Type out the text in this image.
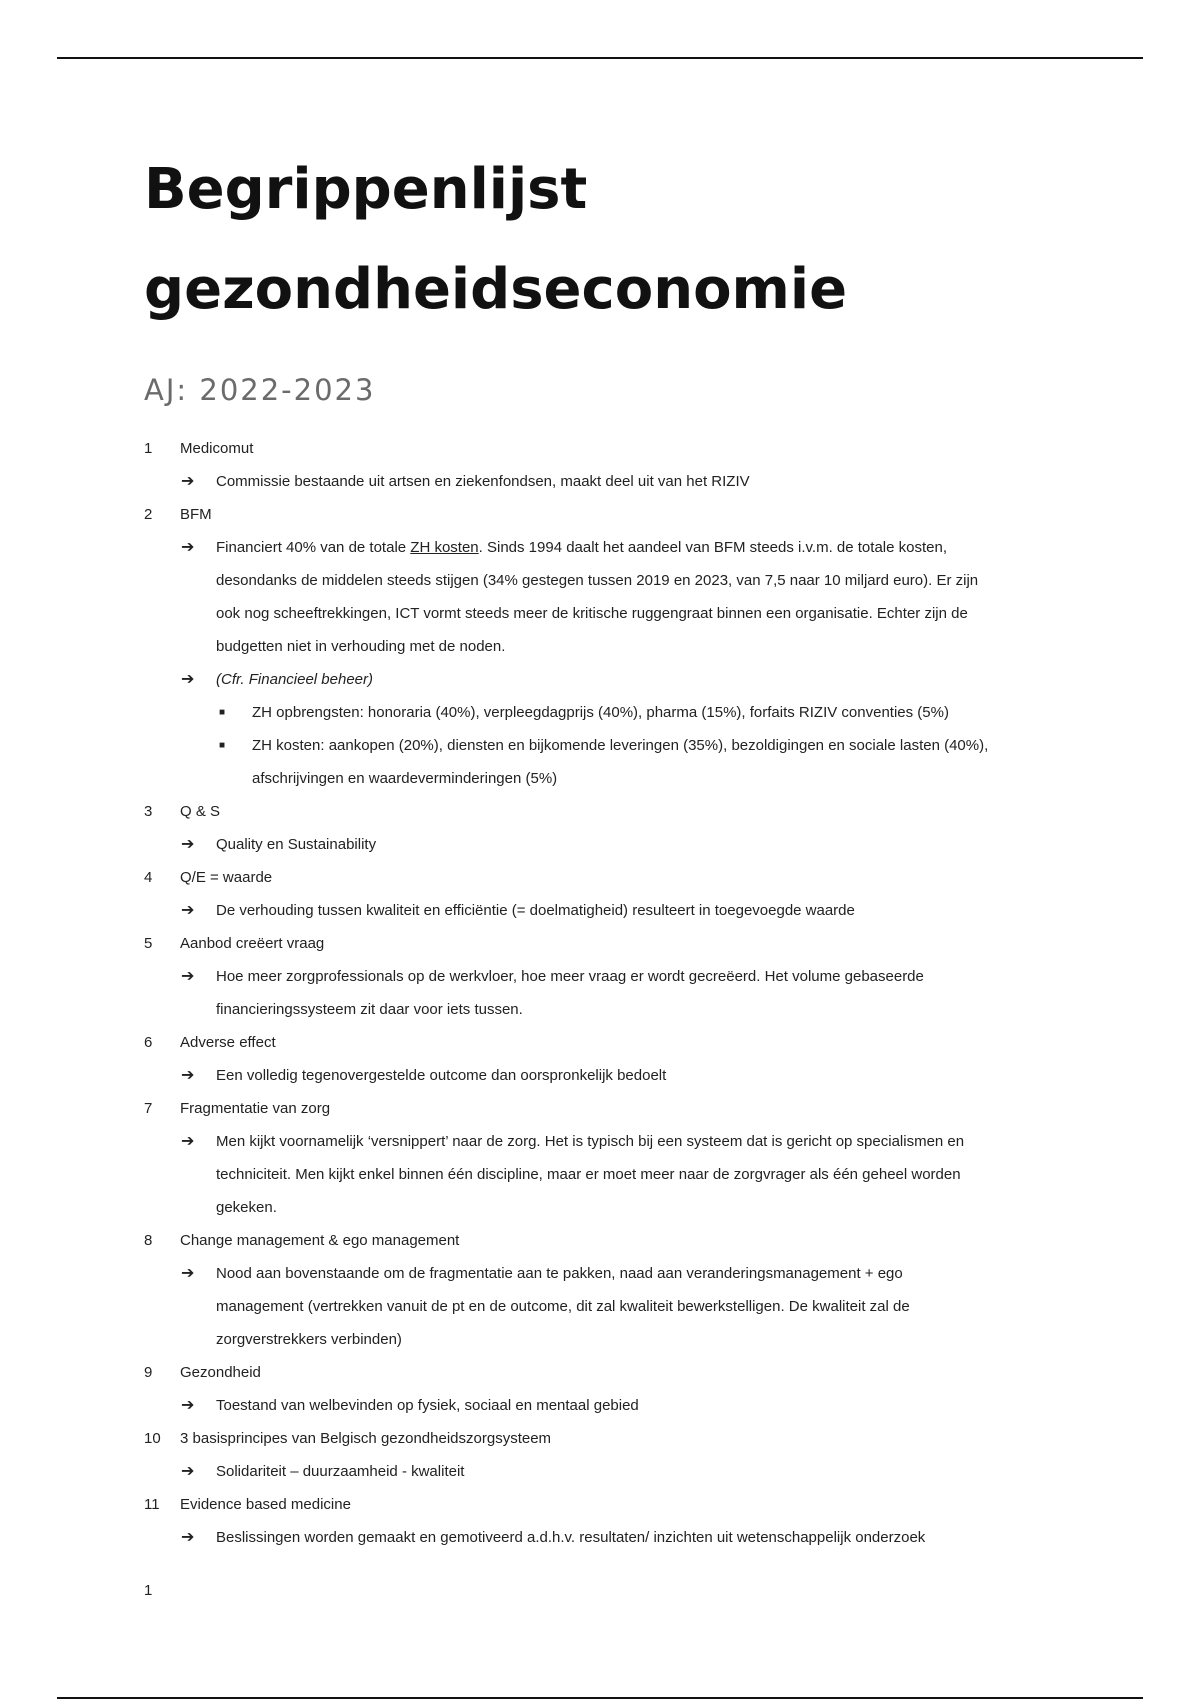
Begrippenlijst
gezondheidseconomie
AJ: 2022-2023
1 Medicomut
➔ Commissie bestaande uit artsen en ziekenfondsen, maakt deel uit van het RIZIV
2 BFM
➔ Financiert 40% van de totale ZH kosten. Sinds 1994 daalt het aandeel van BFM steeds i.v.m. de totale kosten,
desondanks de middelen steeds stijgen (34% gestegen tussen 2019 en 2023, van 7,5 naar 10 miljard euro). Er zijn
ook nog scheeftrekkingen, ICT vormt steeds meer de kritische ruggengraat binnen een organisatie. Echter zijn de
budgetten niet in verhouding met de noden.
➔ (Cfr. Financieel beheer)
■ ZH opbrengsten: honoraria (40%), verpleegdagprijs (40%), pharma (15%), forfaits RIZIV conventies (5%)
■ ZH kosten: aankopen (20%), diensten en bijkomende leveringen (35%), bezoldigingen en sociale lasten (40%),
afschrijvingen en waardeverminderingen (5%)
3 Q & S
➔ Quality en Sustainability
4 Q/E = waarde
➔ De verhouding tussen kwaliteit en efficiëntie (= doelmatigheid) resulteert in toegevoegde waarde
5 Aanbod creëert vraag
➔ Hoe meer zorgprofessionals op de werkvloer, hoe meer vraag er wordt gecreëerd. Het volume gebaseerde
financieringssysteem zit daar voor iets tussen.
6 Adverse effect
➔ Een volledig tegenovergestelde outcome dan oorspronkelijk bedoelt
7 Fragmentatie van zorg
➔ Men kijkt voornamelijk ‘versnippert’ naar de zorg. Het is typisch bij een systeem dat is gericht op specialismen en
techniciteit. Men kijkt enkel binnen één discipline, maar er moet meer naar de zorgvrager als één geheel worden
gekeken.
8 Change management & ego management
➔ Nood aan bovenstaande om de fragmentatie aan te pakken, naad aan veranderingsmanagement + ego
management (vertrekken vanuit de pt en de outcome, dit zal kwaliteit bewerkstelligen. De kwaliteit zal de
zorgverstrekkers verbinden)
9 Gezondheid
➔ Toestand van welbevinden op fysiek, sociaal en mentaal gebied
10 3 basisprincipes van Belgisch gezondheidszorgsysteem
➔ Solidariteit – duurzaamheid - kwaliteit
11 Evidence based medicine
➔ Beslissingen worden gemaakt en gemotiveerd a.d.h.v. resultaten/ inzichten uit wetenschappelijk onderzoek
1
